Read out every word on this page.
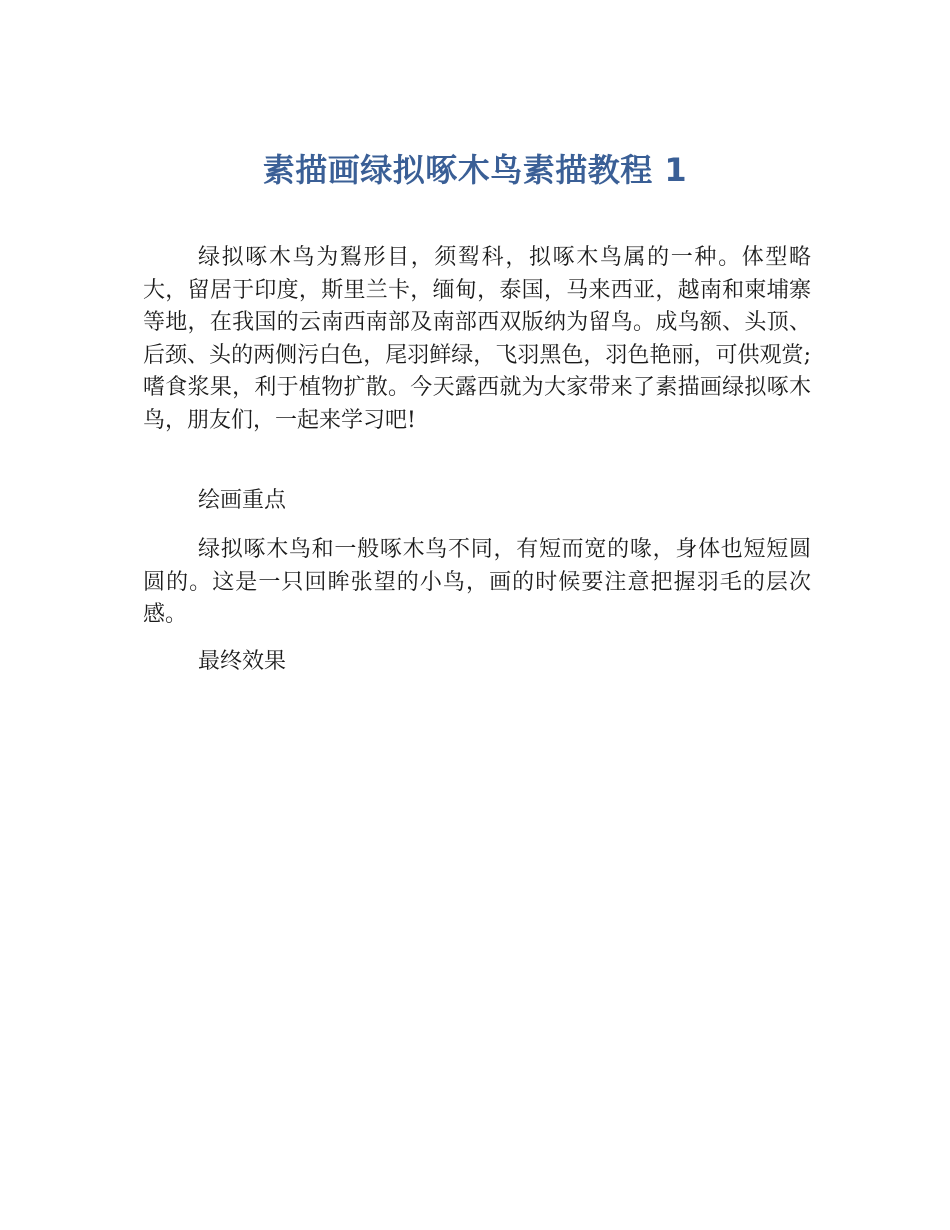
素描画绿拟啄木鸟素描教程 1

绿拟啄木鸟为鴷形目，须䴕科，拟啄木鸟属的一种。体型略大，留居于印度，斯里兰卡，缅甸，泰国，马来西亚，越南和柬埔寨等地，在我国的云南西南部及南部西双版纳为留鸟。成鸟额、头顶、后颈、头的两侧污白色，尾羽鲜绿，飞羽黑色，羽色艳丽，可供观赏;嗜食浆果，利于植物扩散。今天露西就为大家带来了素描画绿拟啄木鸟，朋友们，一起来学习吧!

绘画重点

绿拟啄木鸟和一般啄木鸟不同，有短而宽的喙，身体也短短圆圆的。这是一只回眸张望的小鸟，画的时候要注意把握羽毛的层次感。

最终效果
